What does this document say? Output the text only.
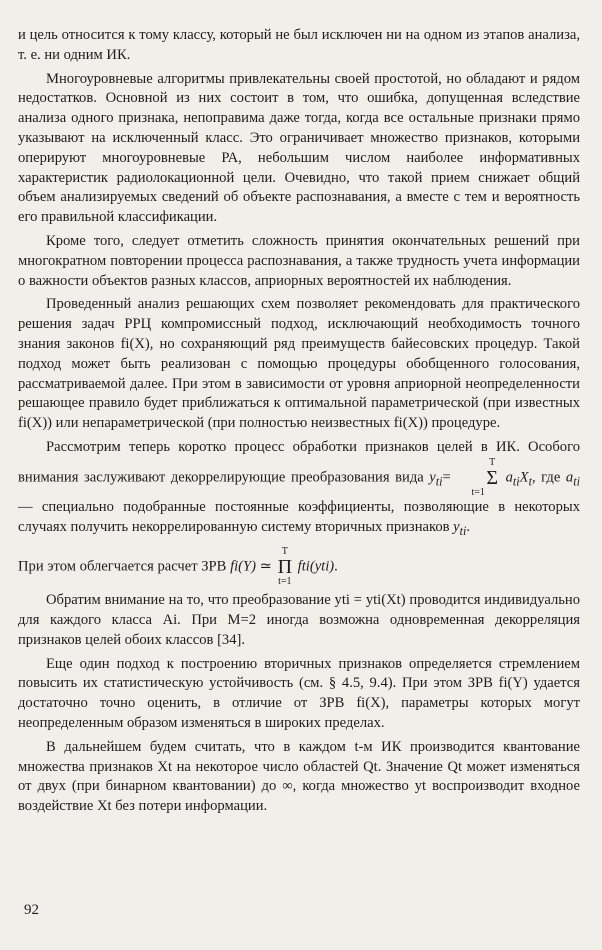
и цель относится к тому классу, который не был исключен ни на одном из этапов анализа, т. е. ни одним ИК.

Многоуровневые алгоритмы привлекательны своей простотой, но обладают и рядом недостатков. Основной из них состоит в том, что ошибка, допущенная вследствие анализа одного признака, непоправима даже тогда, когда все остальные признаки прямо указывают на исключенный класс. Это ограничивает множество признаков, которыми оперируют многоуровневые РА, небольшим числом наиболее информативных характеристик радиолокационной цели. Очевидно, что такой прием снижает общий объем анализируемых сведений об объекте распознавания, а вместе с тем и вероятность его правильной классификации.

Кроме того, следует отметить сложность принятия окончательных решений при многократном повторении процесса распознавания, а также трудность учета информации о важности объектов разных классов, априорных вероятностей их наблюдения.

Проведенный анализ решающих схем позволяет рекомендовать для практического решения задач РРЦ компромиссный подход, исключающий необходимость точного знания законов fi(X), но сохраняющий ряд преимуществ байесовских процедур. Такой подход может быть реализован с помощью процедуры обобщенного голосования, рассматриваемой далее. При этом в зависимости от уровня априорной неопределенности решающее правило будет приближаться к оптимальной параметрической (при известных fi(X)) или непараметрической (при полностью неизвестных fi(X)) процедуре.

Рассмотрим теперь коротко процесс обработки признаков целей в ИК. Особого внимания заслуживают декоррелирующие преобразования вида $y_{ti}= T$
Σ
t=1 $a_{ti}X_t$, где $a_{ti}$ — специально подобранные постоянные коэффициенты, позволяющие в некоторых случаях получить некоррелированную систему вторичных признаков $y_{ti}$.
При этом облегчается расчет ЗРВ fi(Y) ≃ T
Π
t=1 fti(yti).

Обратим внимание на то, что преобразование yti = yti(Xt) проводится индивидуально для каждого класса Ai. При M=2 иногда возможна одновременная декорреляция признаков целей обоих классов [34].

Еще один подход к построению вторичных признаков определяется стремлением повысить их статистическую устойчивость (см. § 4.5, 9.4). При этом ЗРВ fi(Y) удается достаточно точно оценить, в отличие от ЗРВ fi(X), параметры которых могут неопределенным образом изменяться в широких пределах.

В дальнейшем будем считать, что в каждом t-м ИК производится квантование множества признаков Xt на некоторое число областей Qt. Значение Qt может изменяться от двух (при бинарном квантовании) до ∞, когда множество yt воспроизводит входное воздействие Xt без потери информации.

92
